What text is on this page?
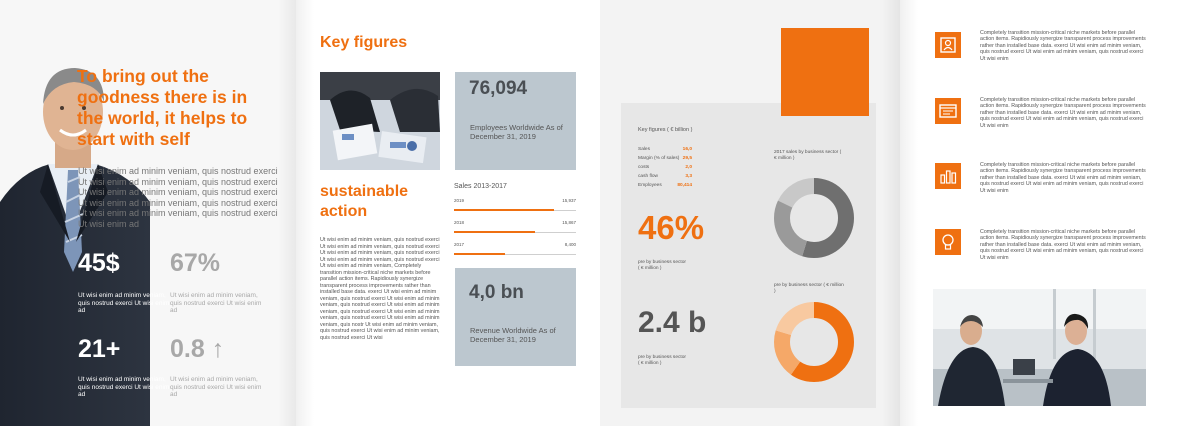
To bring out the goodness there is in the world, it helps to start with self
Ut wisi enim ad minim veniam, quis nostrud exerci Ut wisi enim ad minim veniam, quis nostrud exerci Ut wisi enim ad minim veniam, quis nostrud exerci Ut wisi enim ad minim veniam, quis nostrud exerci Ut wisi enim ad minim veniam, quis nostrud exerci Ut wisi enim ad
45$
Ut wisi enim ad minim veniam, quis nostrud exerci Ut wisi enim ad
67%
Ut wisi enim ad minim veniam, quis nostrud exerci Ut wisi enim ad
21+
Ut wisi enim ad minim veniam, quis nostrud exerci Ut wisi enim ad
0.8 ↑
Ut wisi enim ad minim veniam, quis nostrud exerci Ut wisi enim ad
Key figures
76,094
Employees Worldwide As of December 31, 2019
sustainable action
Ut wisi enim ad minim veniam, quis nostrud exerci Ut wisi enim ad minim veniam, quis nostrud exerci Ut wisi enim ad minim veniam, quis nostrud exerci Ut wisi enim ad minim veniam, quis nostrud exerci Ut wisi enim ad minim veniam, Completely transition mission-critical niche markets before parallel action items. Rapidiously synergize transparent process improvements rather than installed base data. exerci Ut wisi enim ad minim veniam, quis nostrud exerci Ut wisi enim ad minim veniam, quis nostrud exerci Ut wisi enim ad minim veniam, quis nostrud exerci Ut wisi enim ad minim veniam, quis nostrud exerci Ut wisi enim ad minim veniam, quis nostr Ut wisi enim ad minim veniam, quis nostrud exerci Ut wisi enim ad minim veniam, quis nostrud exerci Ut wisi
Sales 2013-2017
2019	15,937
2018	15,867
2017	8,400
4,0 bn
Revenue Worldwide As of December 31, 2019
Key figures ( € billion )
Sales	16,0
Margin (% of sales) 29,5
costs	2,0
cash flow	3,3
Employees	80,414
46%
pre by business sector ( € million )
2.4 b
pre by business sector ( € million )
2017 sales by business sector ( € million )
pre by business sector ( € million )
Completely transition mission-critical niche markets before parallel action items. Rapidiously synergize transparent process improvements rather than installed base data. exerci Ut wisi enim ad minim veniam, quis nostrud exerci Ut wisi enim ad minim veniam, quis nostrud exerci Ut wisi enim
Completely transition mission-critical niche markets before parallel action items. Rapidiously synergize transparent process improvements rather than installed base data. exerci Ut wisi enim ad minim veniam, quis nostrud exerci Ut wisi enim ad minim veniam, quis nostrud exerci Ut wisi enim
Completely transition mission-critical niche markets before parallel action items. Rapidiously synergize transparent process improvements rather than installed base data. exerci Ut wisi enim ad minim veniam, quis nostrud exerci Ut wisi enim ad minim veniam, quis nostrud exerci Ut wisi enim
Completely transition mission-critical niche markets before parallel action items. Rapidiously synergize transparent process improvements rather than installed base data. exerci Ut wisi enim ad minim veniam, quis nostrud exerci Ut wisi enim ad minim veniam, quis nostrud exerci Ut wisi enim
